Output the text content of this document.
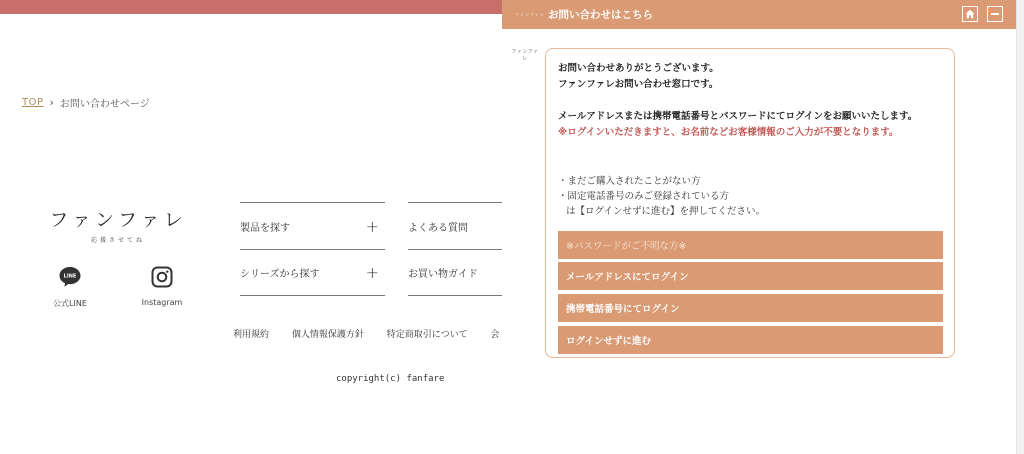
TOP › お問い合わせページ
ファンファレ
応援させてね
LINE
公式LINE	Instagram
製品を探す	+
シリーズから探す	+
よくある質問
お買い物ガイド
利用規約	個人情報保護方針	特定商取引について	会
copyright(c) fanfare
ファンファレ お問い合わせはこちら
ファンファレ
お問い合わせありがとうございます。
ファンファレお問い合わせ窓口です。
メールアドレスまたは携帯電話番号とパスワードにてログインをお願いいたします。
※ログインいただきますと、お名前などお客様情報のご入力が不要となります。
・まだご購入されたことがない方
・固定電話番号のみご登録されている方
は【ログインせずに進む】を押してください。
※パスワードがご不明な方※
メールアドレスにてログイン
携帯電話番号にてログイン
ログインせずに進む
